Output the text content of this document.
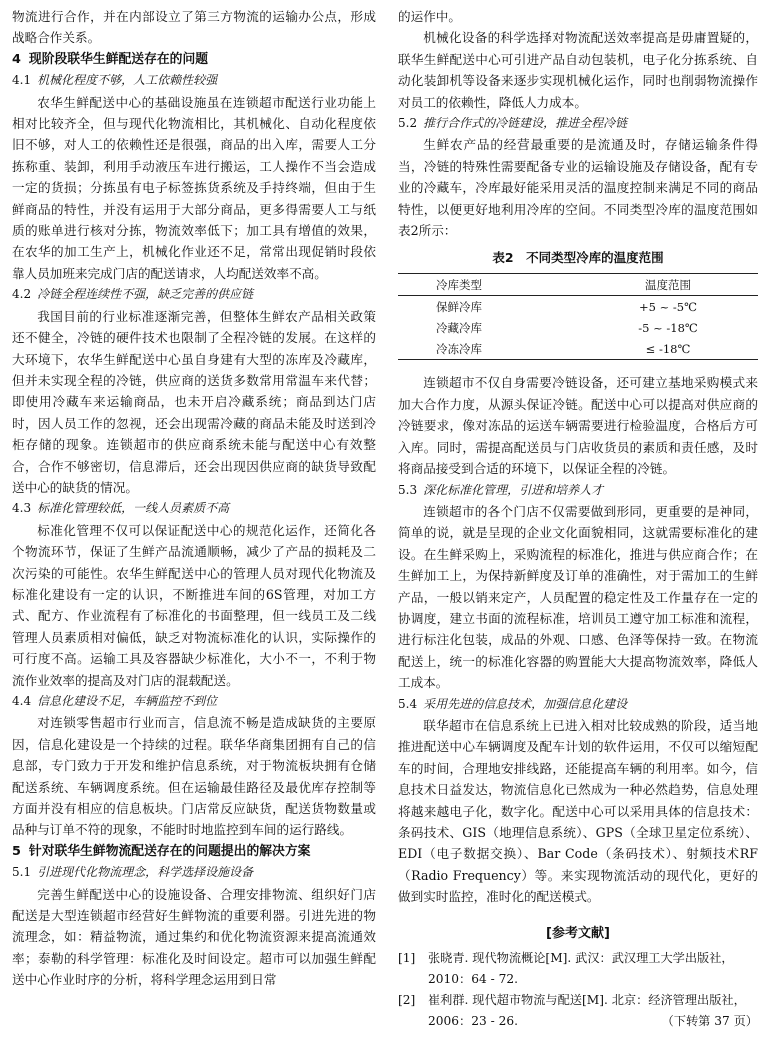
物流进行合作，并在内部设立了第三方物流的运输办公点，形成战略合作关系。

4 现阶段联华生鲜配送存在的问题
4.1 机械化程度不够，人工依赖性较强

农华生鲜配送中心的基础设施虽在连锁超市配送行业功能上相对比较齐全，但与现代化物流相比，其机械化、自动化程度依旧不够，对人工的依赖性还是很强，商品的出入库，需要人工分拣称重、装卸，利用手动液压车进行搬运，工人操作不当会造成一定的货损；分拣虽有电子标签拣货系统及手持终端，但由于生鲜商品的特性，并没有运用于大部分商品，更多得需要人工与纸质的账单进行核对分拣，物流效率低下；加工具有增值的效果，在农华的加工生产上，机械化作业还不足，常常出现促销时段依靠人员加班来完成门店的配送请求，人均配送效率不高。

4.2 冷链全程连续性不强，缺乏完善的供应链

我国目前的行业标准逐渐完善，但整体生鲜农产品相关政策还不健全，冷链的硬件技术也限制了全程冷链的发展。在这样的大环境下，农华生鲜配送中心虽自身建有大型的冻库及冷藏库，但并未实现全程的冷链，供应商的送货多数常用常温车来代替；即使用冷藏车来运输商品，也未开启冷藏系统；商品到达门店时，因人员工作的忽视，还会出现需冷藏的商品未能及时送到冷柜存储的现象。连锁超市的供应商系统未能与配送中心有效整合，合作不够密切，信息滞后，还会出现因供应商的缺货导致配送中心的缺货的情况。

4.3 标准化管理较低，一线人员素质不高

标准化管理不仅可以保证配送中心的规范化运作，还简化各个物流环节，保证了生鲜产品流通顺畅，减少了产品的损耗及二次污染的可能性。农华生鲜配送中心的管理人员对现代化物流及标准化建设有一定的认识，不断推进车间的6S管理，对加工方式、配方、作业流程有了标准化的书面整理，但一线员工及二线管理人员素质相对偏低，缺乏对物流标准化的认识，实际操作的可行度不高。运输工具及容器缺少标准化，大小不一，不利于物流作业效率的提高及对门店的混载配送。

4.4 信息化建设不足，车辆监控不到位

对连锁零售超市行业而言，信息流不畅是造成缺货的主要原因，信息化建设是一个持续的过程。联华华商集团拥有自己的信息部，专门致力于开发和维护信息系统，对于物流板块拥有仓储配送系统、车辆调度系统。但在运输最佳路径及最优库存控制等方面并没有相应的信息板块。门店常反应缺货，配送货物数量或品种与订单不符的现象，不能时时地监控到车间的运行路线。

5 针对联华生鲜物流配送存在的问题提出的解决方案
5.1 引进现代化物流理念，科学选择设施设备

完善生鲜配送中心的设施设备、合理安排物流、组织好门店配送是大型连锁超市经营好生鲜物流的重要利器。引进先进的物流理念，如：精益物流，通过集约和优化物流资源来提高流通效率；泰勒的科学管理：标准化及时间设定。超市可以加强生鲜配送中心作业时序的分析，将科学理念运用到日常

的运作中。

机械化设备的科学选择对物流配送效率提高是毋庸置疑的，联华生鲜配送中心可引进产品自动包装机，电子化分拣系统、自动化装卸机等设备来逐步实现机械化运作，同时也削弱物流操作对员工的依赖性，降低人力成本。

5.2 推行合作式的冷链建设，推进全程冷链

生鲜农产品的经营最重要的是流通及时，存储运输条件得当，冷链的特殊性需要配备专业的运输设施及存储设备，配有专业的冷藏车，冷库最好能采用灵活的温度控制来满足不同的商品特性，以便更好地利用冷库的空间。不同类型冷库的温度范围如表2所示：

表2　不同类型冷库的温度范围
冷库类型	温度范围
保鲜冷库	+5 ~ -5℃
冷藏冷库	-5 ~ -18℃
冷冻冷库	≤ -18℃

连锁超市不仅自身需要冷链设备，还可建立基地采购模式来加大合作力度，从源头保证冷链。配送中心可以提高对供应商的冷链要求，像对冻品的运送车辆需要进行检验温度，合格后方可入库。同时，需提高配送员与门店收货员的素质和责任感，及时将商品接受到合适的环境下，以保证全程的冷链。

5.3 深化标准化管理，引进和培养人才

连锁超市的各个门店不仅需要做到形同，更重要的是神同，简单的说，就是呈现的企业文化面貌相同，这就需要标准化的建设。在生鲜采购上，采购流程的标准化，推进与供应商合作；在生鲜加工上，为保持新鲜度及订单的准确性，对于需加工的生鲜产品，一般以销来定产，人员配置的稳定性及工作量存在一定的协调度，建立书面的流程标准，培训员工遵守加工标准和流程，进行标注化包装，成品的外观、口感、色泽等保持一致。在物流配送上，统一的标准化容器的购置能大大提高物流效率，降低人工成本。

5.4 采用先进的信息技术，加强信息化建设

联华超市在信息系统上已进入相对比较成熟的阶段，适当地推进配送中心车辆调度及配车计划的软件运用，不仅可以缩短配车的时间，合理地安排线路，还能提高车辆的利用率。如今，信息技术日益发达，物流信息化已然成为一种必然趋势，信息处理将越来越电子化，数字化。配送中心可以采用具体的信息技术：条码技术、GIS（地理信息系统）、GPS（全球卫星定位系统）、EDI（电子数据交换）、Bar Code（条码技术）、射频技术RF（Radio Frequency）等。来实现物流活动的现代化，更好的做到实时监控，准时化的配送模式。

[参考文献]
[1]	张晓青. 现代物流概论[M]. 武汉：武汉理工大学出版社，2010：64 - 72.
[2]	崔利群. 现代超市物流与配送[M]. 北京：经济管理出版社，2006：23 - 26.	（下转第 37 页）
